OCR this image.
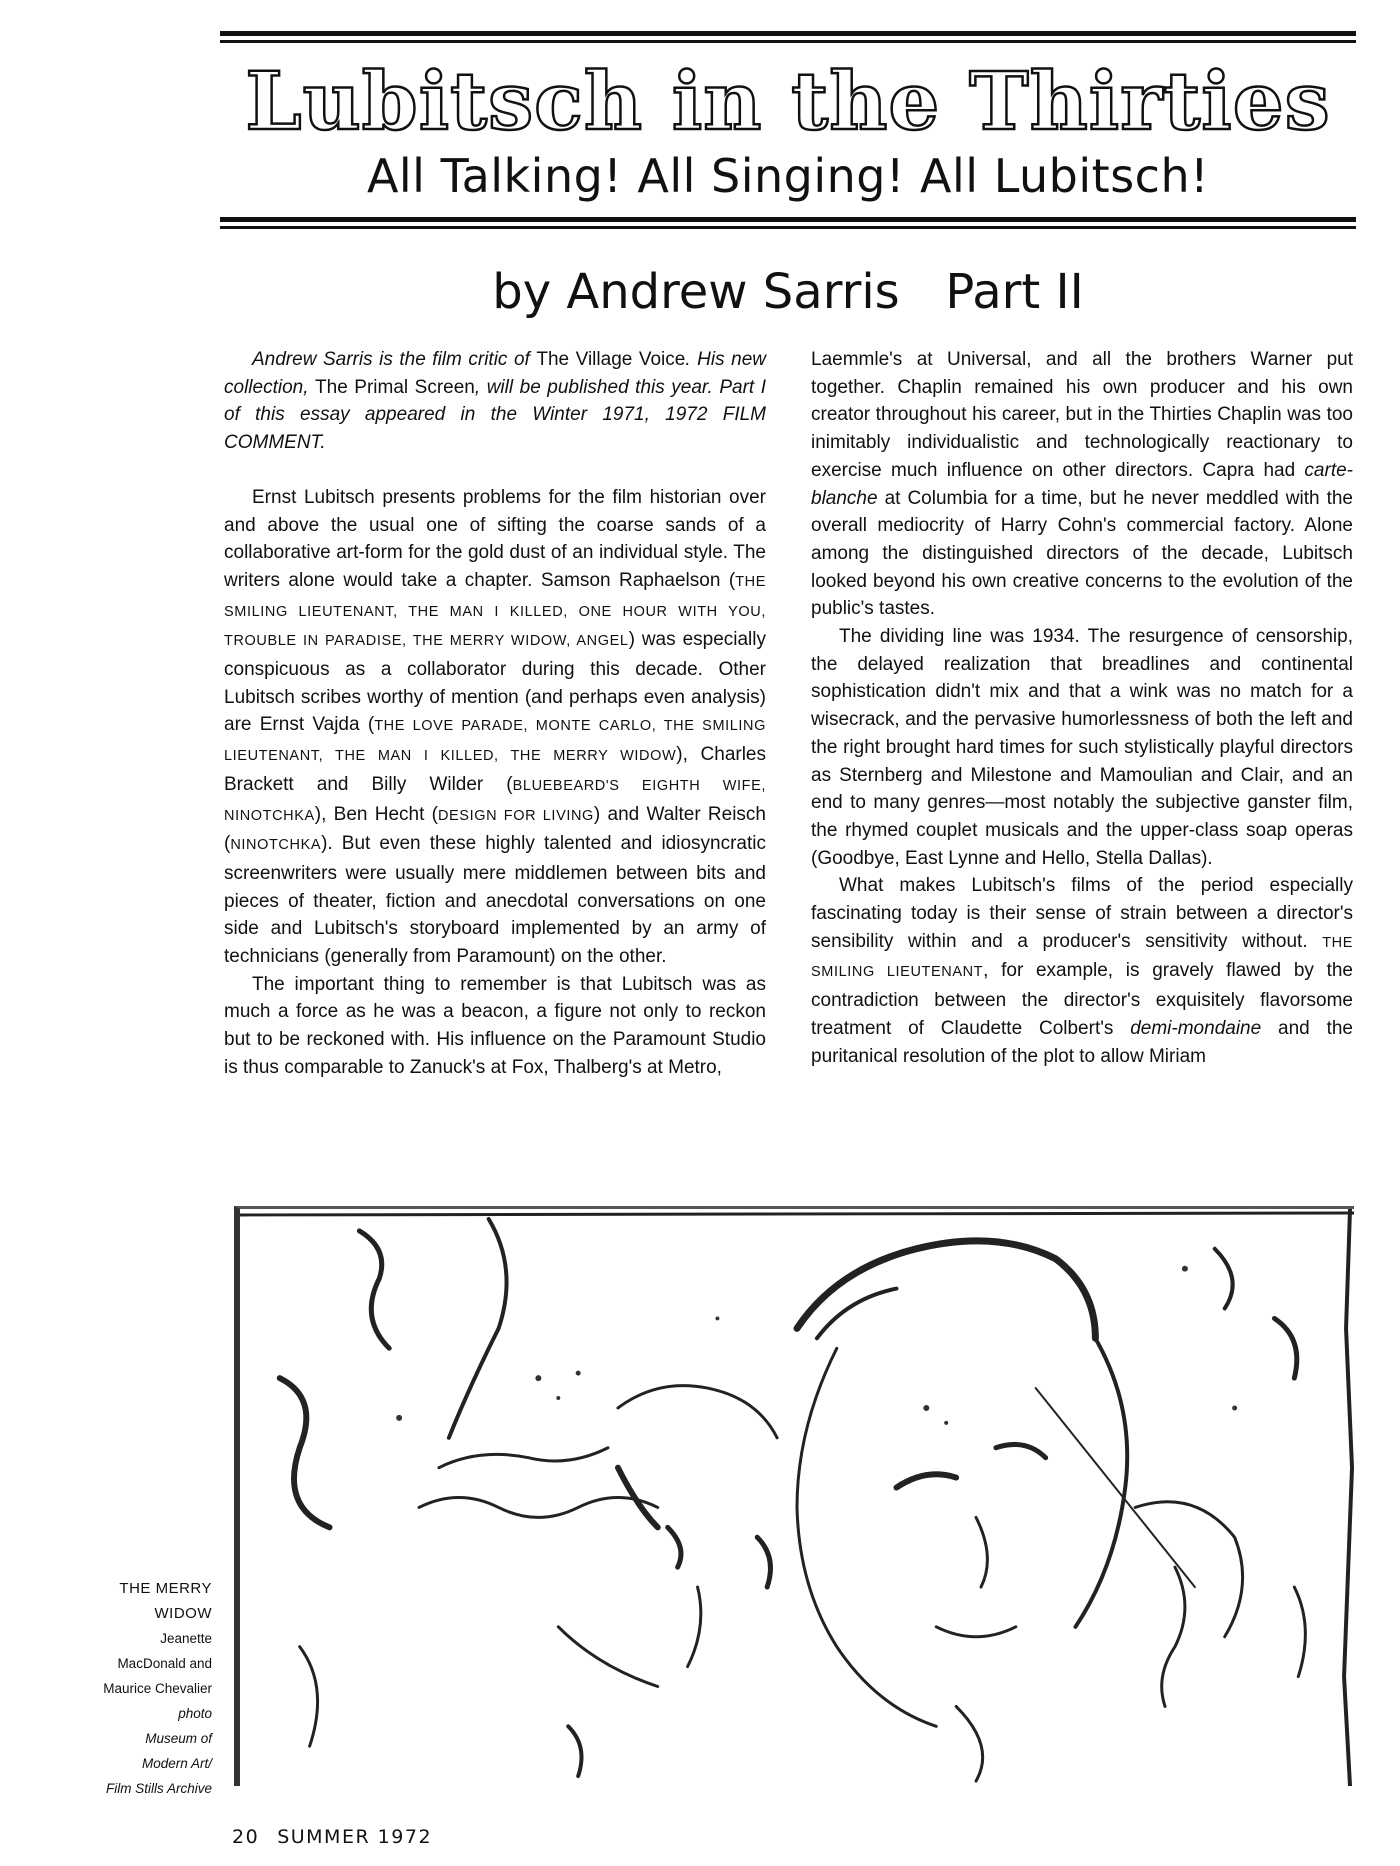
Lubitsch in the Thirties
All Talking! All Singing! All Lubitsch!
by Andrew Sarris   Part II

Andrew Sarris is the film critic of The Village Voice. His new collection, The Primal Screen, will be published this year. Part I of this essay appeared in the Winter 1971, 1972 FILM COMMENT.

Ernst Lubitsch presents problems for the film historian over and above the usual one of sifting the coarse sands of a collaborative art-form for the gold dust of an individual style. The writers alone would take a chapter. Samson Raphaelson (THE SMILING LIEUTENANT, THE MAN I KILLED, ONE HOUR WITH YOU, TROUBLE IN PARADISE, THE MERRY WIDOW, ANGEL) was especially conspicuous as a collaborator during this decade. Other Lubitsch scribes worthy of mention (and perhaps even analysis) are Ernst Vajda (THE LOVE PARADE, MONTE CARLO, THE SMILING LIEUTENANT, THE MAN I KILLED, THE MERRY WIDOW), Charles Brackett and Billy Wilder (BLUEBEARD'S EIGHTH WIFE, NINOTCHKA), Ben Hecht (DESIGN FOR LIVING) and Walter Reisch (NINOTCHKA). But even these highly talented and idiosyncratic screenwriters were usually mere middlemen between bits and pieces of theater, fiction and anecdotal conversations on one side and Lubitsch's storyboard implemented by an army of technicians (generally from Paramount) on the other.

The important thing to remember is that Lubitsch was as much a force as he was a beacon, a figure not only to reckon but to be reckoned with. His influence on the Paramount Studio is thus comparable to Zanuck's at Fox, Thalberg's at Metro,

Laemmle's at Universal, and all the brothers Warner put together. Chaplin remained his own producer and his own creator throughout his career, but in the Thirties Chaplin was too inimitably individualistic and technologically reactionary to exercise much influence on other directors. Capra had carte-blanche at Columbia for a time, but he never meddled with the overall mediocrity of Harry Cohn's commercial factory. Alone among the distinguished directors of the decade, Lubitsch looked beyond his own creative concerns to the evolution of the public's tastes.

The dividing line was 1934. The resurgence of censorship, the delayed realization that breadlines and continental sophistication didn't mix and that a wink was no match for a wisecrack, and the pervasive humorlessness of both the left and the right brought hard times for such stylistically playful directors as Sternberg and Milestone and Mamoulian and Clair, and an end to many genres—most notably the subjective ganster film, the rhymed couplet musicals and the upper-class soap operas (Goodbye, East Lynne and Hello, Stella Dallas).

What makes Lubitsch's films of the period especially fascinating today is their sense of strain between a director's sensibility within and a producer's sensitivity without. THE SMILING LIEUTENANT, for example, is gravely flawed by the contradiction between the director's exquisitely flavorsome treatment of Claudette Colbert's demi-mondaine and the puritanical resolution of the plot to allow Miriam

THE MERRY
WIDOW
Jeanette
MacDonald and
Maurice Chevalier
photo
Museum of
Modern Art/
Film Stills Archive
20 SUMMER 1972
